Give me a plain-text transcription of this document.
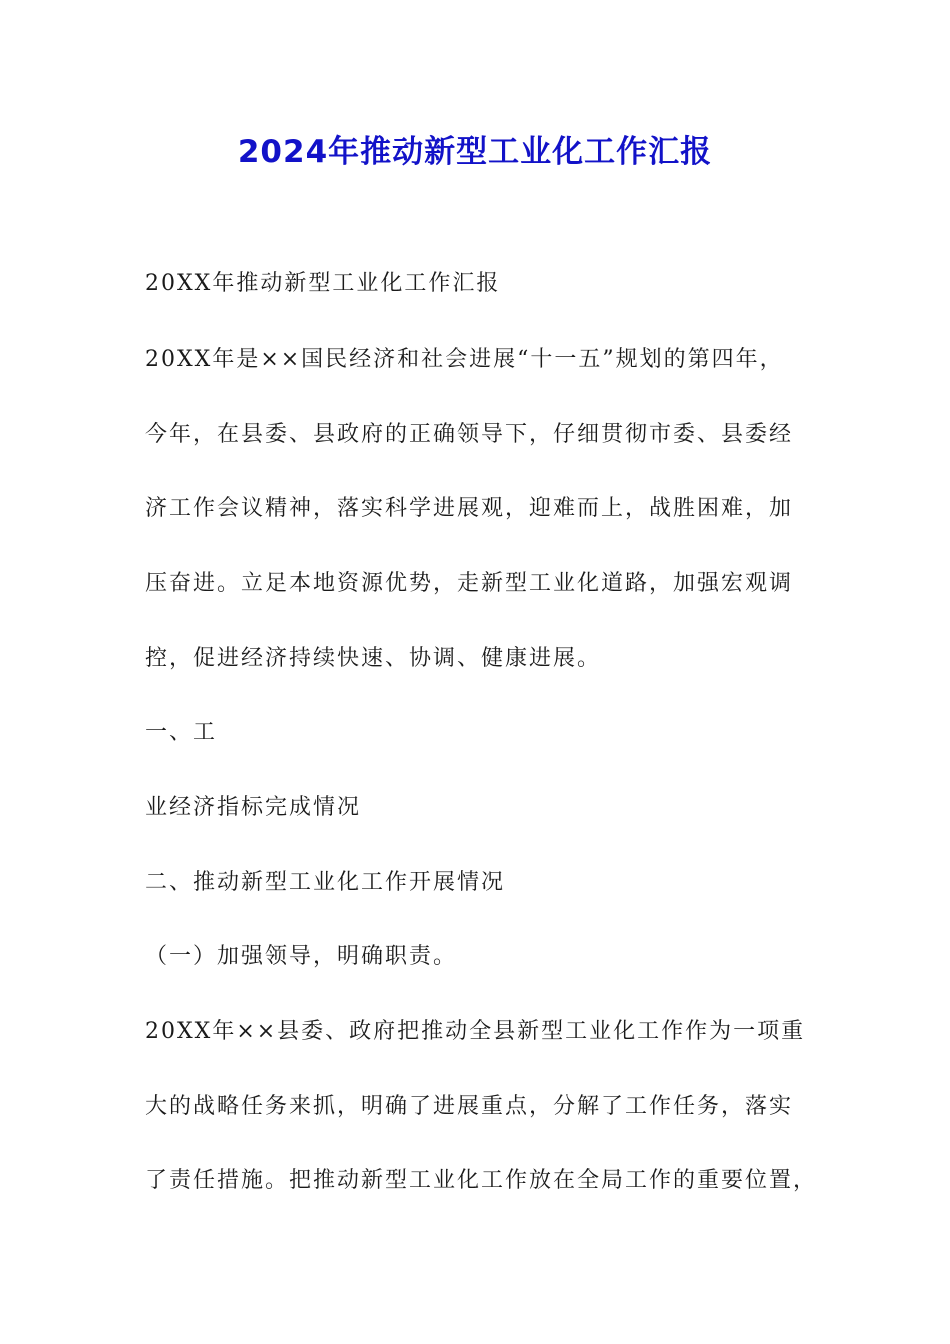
2024年推动新型工业化工作汇报
20XX年推动新型工业化工作汇报
20XX年是××国民经济和社会进展“十一五”规划的第四年，
今年，在县委、县政府的正确领导下，仔细贯彻市委、县委经
济工作会议精神，落实科学进展观，迎难而上，战胜困难，加
压奋进。立足本地资源优势，走新型工业化道路，加强宏观调
控，促进经济持续快速、协调、健康进展。
一、工
业经济指标完成情况
二、推动新型工业化工作开展情况
（一）加强领导，明确职责。
20XX年××县委、政府把推动全县新型工业化工作作为一项重
大的战略任务来抓，明确了进展重点，分解了工作任务，落实
了责任措施。把推动新型工业化工作放在全局工作的重要位置，
